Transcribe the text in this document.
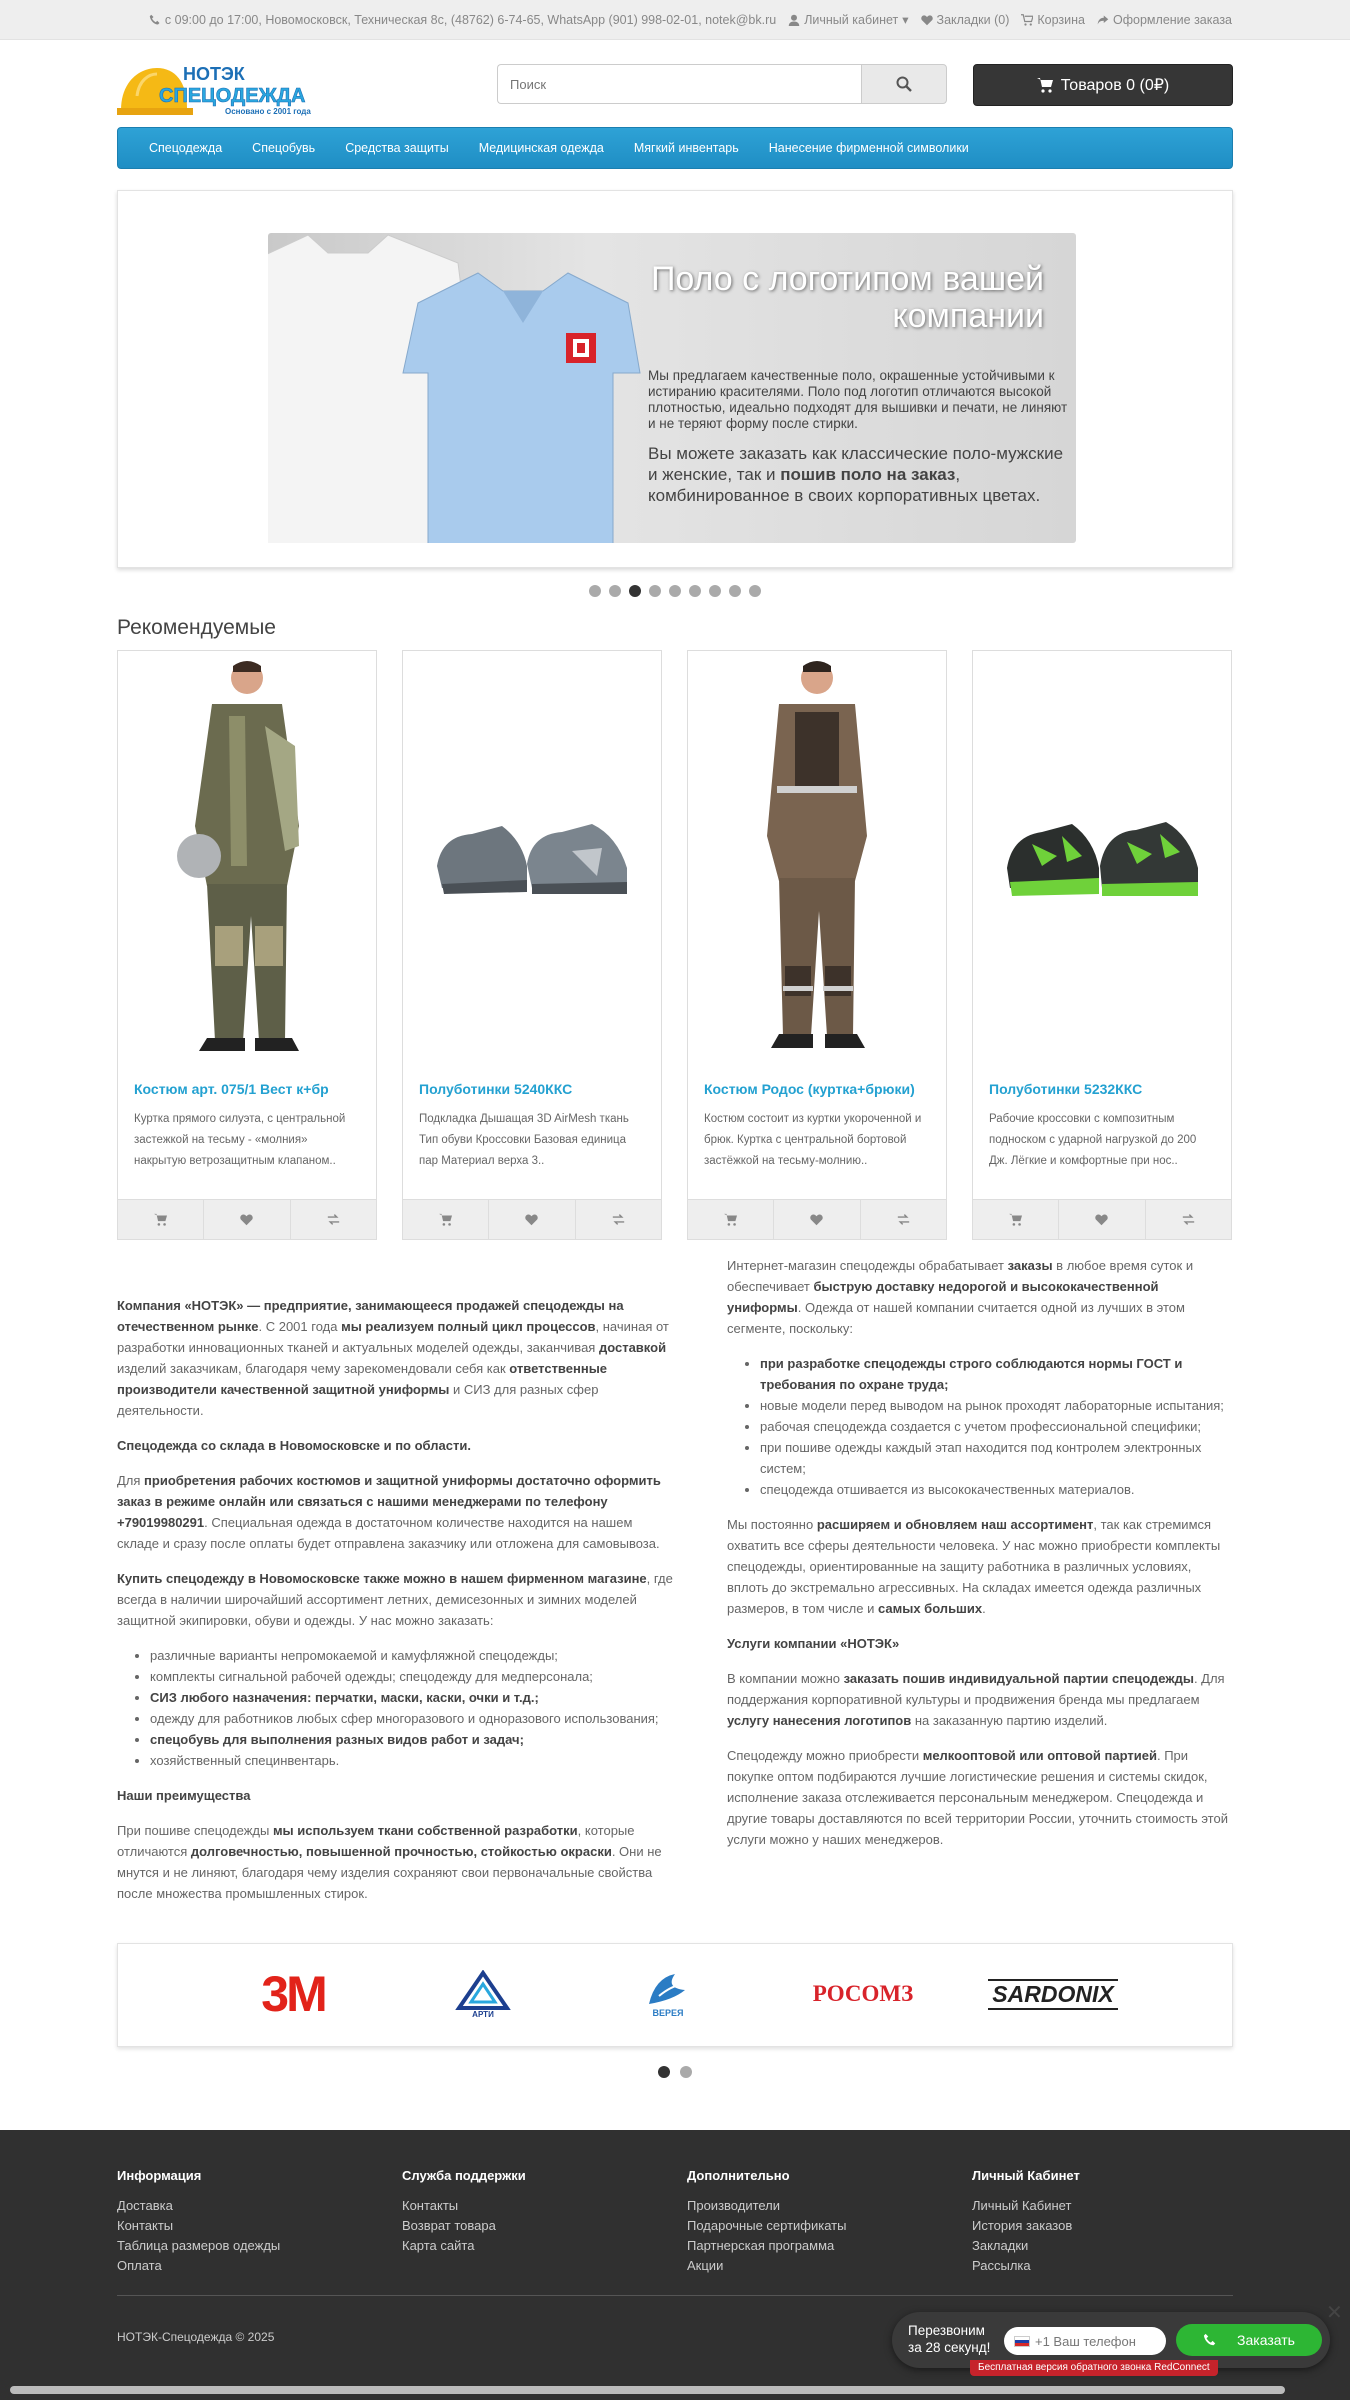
с 09:00 до 17:00, Новомосковск, Техническая 8с, (48762) 6-74-65, WhatsApp (901) 998-02-01, notek@bk.ru Личный кабинет ▾ Закладки (0) Корзина Оформление заказа
НОТЭК
СПЕЦОДЕЖДА
Основано с 2001 года
Поиск
Товаров 0 (0₽)
Спецодежда	Спецобувь	Средства защиты	Медицинская одежда	Мягкий инвентарь	Нанесение фирменной символики
Поло с логотипом вашей компании
Мы предлагаем качественные поло, окрашенные устойчивыми к истиранию красителями. Поло под логотип отличаются высокой плотностью, идеально подходят для вышивки и печати, не линяют и не теряют форму после стирки.
Вы можете заказать как классические поло-мужские и женские, так и пошив поло на заказ, комбинированное в своих корпоративных цветах.
Рекомендуемые
Костюм арт. 075/1 Вест к+бр

Куртка прямого силуэта, с центральной застежкой на тесьму - «молния» накрытую ветрозащитным клапаном..

Полуботинки 5240ККС

Подкладка Дышащая 3D AirMesh ткань Тип обуви Кроссовки Базовая единица пар Материал верха 3..

Костюм Родос (куртка+брюки)

Костюм состоит из куртки укороченной и брюк. Куртка с центральной бортовой застёжкой на тесьму-молнию..

Полуботинки 5232ККС

Рабочие кроссовки с композитным подноском с ударной нагрузкой до 200 Дж. Лёгкие и комфортные при нос..

Компания «НОТЭК» — предприятие, занимающееся продажей спецодежды на отечественном рынке. С 2001 года мы реализуем полный цикл процессов, начиная от разработки инновационных тканей и актуальных моделей одежды, заканчивая доставкой изделий заказчикам, благодаря чему зарекомендовали себя как ответственные производители качественной защитной униформы и СИЗ для разных сфер деятельности.

Спецодежда со склада в Новомосковске и по области.

Для приобретения рабочих костюмов и защитной униформы достаточно оформить заказ в режиме онлайн или связаться с нашими менеджерами по телефону +79019980291. Специальная одежда в достаточном количестве находится на нашем складе и сразу после оплаты будет отправлена заказчику или отложена для самовывоза.

Купить спецодежду в Новомосковске также можно в нашем фирменном магазине, где всегда в наличии широчайший ассортимент летних, демисезонных и зимних моделей защитной экипировки, обуви и одежды. У нас можно заказать:

• различные варианты непромокаемой и камуфляжной спецодежды;
• комплекты сигнальной рабочей одежды; спецодежду для медперсонала;
• СИЗ любого назначения: перчатки, маски, каски, очки и т.д.;
• одежду для работников любых сфер многоразового и одноразового использования;
• спецобувь для выполнения разных видов работ и задач;
• хозяйственный специнвентарь.

Наши преимущества

При пошиве спецодежды мы используем ткани собственной разработки, которые отличаются долговечностью, повышенной прочностью, стойкостью окраски. Они не мнутся и не линяют, благодаря чему изделия сохраняют свои первоначальные свойства после множества промышленных стирок.

Интернет-магазин спецодежды обрабатывает заказы в любое время суток и обеспечивает быструю доставку недорогой и высококачественной униформы. Одежда от нашей компании считается одной из лучших в этом сегменте, поскольку:

• при разработке спецодежды строго соблюдаются нормы ГОСТ и требования по охране труда;
• новые модели перед выводом на рынок проходят лабораторные испытания;
• рабочая спецодежда создается с учетом профессиональной специфики;
• при пошиве одежды каждый этап находится под контролем электронных систем;
• спецодежда отшивается из высококачественных материалов.

Мы постоянно расширяем и обновляем наш ассортимент, так как стремимся охватить все сферы деятельности человека. У нас можно приобрести комплекты спецодежды, ориентированные на защиту работника в различных условиях, вплоть до экстремально агрессивных. На складах имеется одежда различных размеров, в том числе и самых больших.

Услуги компании «НОТЭК»

В компании можно заказать пошив индивидуальной партии спецодежды. Для поддержания корпоративной культуры и продвижения бренда мы предлагаем услугу нанесения логотипов на заказанную партию изделий.

Спецодежду можно приобрести мелкооптовой или оптовой партией. При покупке оптом подбираются лучшие логистические решения и системы скидок, исполнение заказа отслеживается персональным менеджером. Спецодежда и другие товары доставляются по всей территории России, уточнить стоимость этой услуги можно у наших менеджеров.

3M	АРТИ	ВЕРЕЯ
РОСОМЗ	SARDONIX
Информация
Доставка
Контакты
Таблица размеров одежды
Оплата
Служба поддержки
Контакты
Возврат товара
Карта сайта
Дополнительно
Производители
Подарочные сертификаты
Партнерская программа
Акции
Личный Кабинет
Личный Кабинет
История заказов
Закладки
Рассылка
НОТЭК-Спецодежда © 2025	Перезвоним за 28 секунд!	+1 Ваш телефон	Заказать
✕
Бесплатная версия обратного звонка RedConnect
